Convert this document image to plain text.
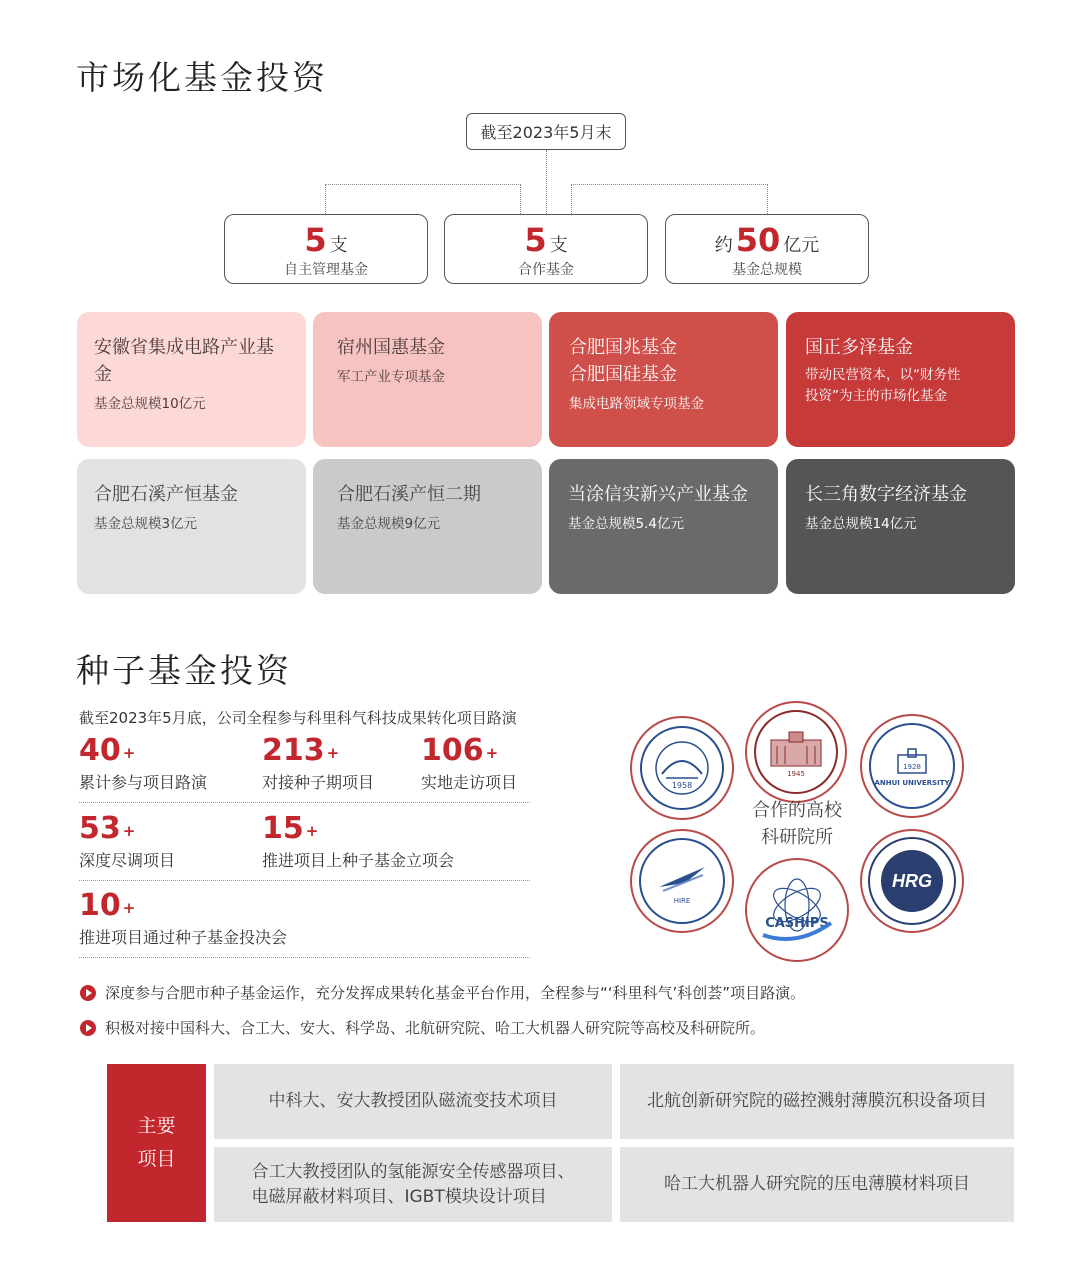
市场化基金投资
截至2023年5月末
5 支
自主管理基金
5 支
合作基金
约 50 亿元
基金总规模
安徽省集成电路产业基金
基金总规模10亿元
宿州国惠基金
军工产业专项基金
合肥国兆基金
合肥国硅基金
集成电路领域专项基金
国正多泽基金
带动民营资本，以“财务性
投资”为主的市场化基金
合肥石溪产恒基金
基金总规模3亿元
合肥石溪产恒二期
基金总规模9亿元
当涂信实新兴产业基金
基金总规模5.4亿元
长三角数字经济基金
基金总规模14亿元
种子基金投资
截至2023年5月底，公司全程参与科里科气科技成果转化项目路演
40 +
累计参与项目路演
213 +
对接种子期项目
106 +
实地走访项目
53 +
深度尽调项目
15 +
推进项目上种子基金立项会
10 +
推进项目通过种子基金投决会
1958
1945
1928
ANHUI UNIVERSITY
合作的高校
科研院所
HIRE
CASHIPS
HRG
深度参与合肥市种子基金运作，充分发挥成果转化基金平台作用，全程参与“‘科里科气’科创荟”项目路演。
积极对接中国科大、合工大、安大、科学岛、北航研究院、哈工大机器人研究院等高校及科研院所。
主要
项目
中科大、安大教授团队磁流变技术项目	北航创新研究院的磁控溅射薄膜沉积设备项目
合工大教授团队的氢能源安全传感器项目、
电磁屏蔽材料项目、IGBT模块设计项目
哈工大机器人研究院的压电薄膜材料项目
